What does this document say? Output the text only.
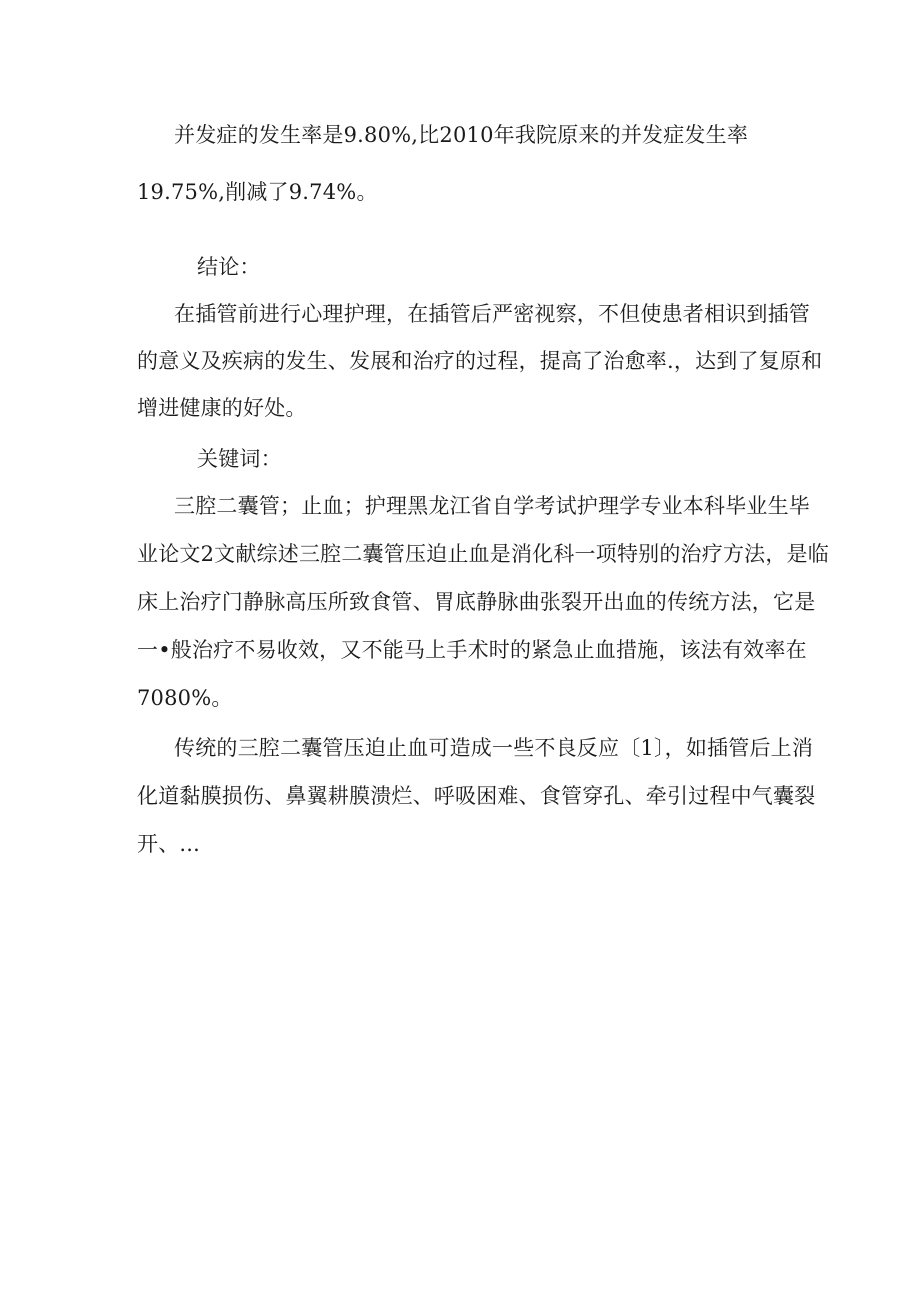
并发症的发生率是9.80%,比2010年我院原来的并发症发生率
19.75%,削减了9.74%。
结论：
在插管前进行心理护理，在插管后严密视察，不但使患者相识到插管
的意义及疾病的发生、发展和治疗的过程，提高了治愈率.，达到了复原和
增进健康的好处。
关键词：
三腔二囊管；止血；护理黑龙江省自学考试护理学专业本科毕业生毕
业论文2文献综述三腔二囊管压迫止血是消化科一项特别的治疗方法，是临
床上治疗门静脉高压所致食管、胃底静脉曲张裂开出血的传统方法，它是
一•般治疗不易收效，又不能马上手术时的紧急止血措施，该法有效率在
7080%。
传统的三腔二囊管压迫止血可造成一些不良反应〔1〕，如插管后上消
化道黏膜损伤、鼻翼耕膜溃烂、呼吸困难、食管穿孔、牵引过程中气囊裂
开、...
